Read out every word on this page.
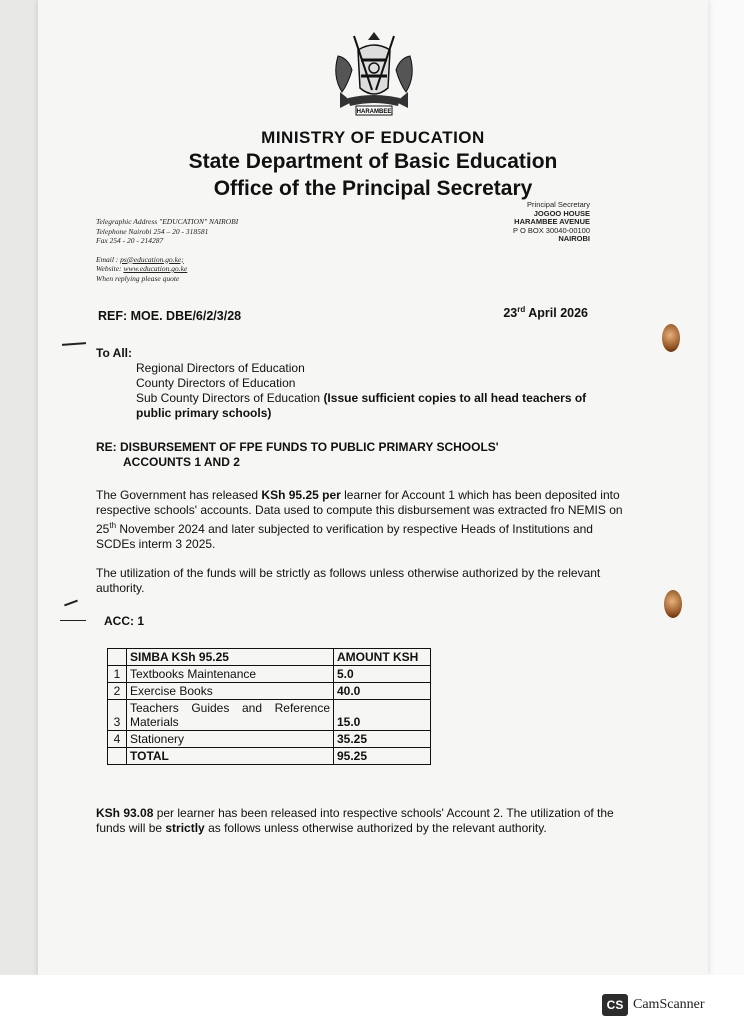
HARAMBEE
MINISTRY OF EDUCATION
State Department of Basic Education
Office of the Principal Secretary
Telegraphic Address "EDUCATION" NAIROBI
Telephone Nairobi 254 – 20 - 318581
Fax 254 - 20 - 214287
Email : ps@education.go.ke;
Website: www.education.go.ke
When replying please quote
Principal Secretary
JOGOO HOUSE
HARAMBEE AVENUE
P O BOX 30040-00100
NAIROBI
REF: MOE. DBE/6/2/3/28	23rd April 2026
To All:
Regional Directors of Education
County Directors of Education
Sub County Directors of Education (Issue sufficient copies to all head teachers of public primary schools)
RE: DISBURSEMENT OF FPE FUNDS TO PUBLIC PRIMARY SCHOOLS'
ACCOUNTS 1 AND 2
The Government has released KSh 95.25 per learner for Account 1 which has been deposited into respective schools' accounts. Data used to compute this disbursement was extracted fro NEMIS on 25th November 2024 and later subjected to verification by respective Heads of Institutions and SCDEs interm 3 2025.
The utilization of the funds will be strictly as follows unless otherwise authorized by the relevant authority.
ACC: 1
	SIMBA KSh 95.25	AMOUNT KSH
1	Textbooks Maintenance	5.0
2	Exercise Books	40.0
3	Teachers Guides and Reference
Materials	15.0
4	Stationery	35.25
	TOTAL	95.25
KSh 93.08 per learner has been released into respective schools' Account 2. The utilization of the funds will be strictly as follows unless otherwise authorized by the relevant authority.
CS CamScanner
